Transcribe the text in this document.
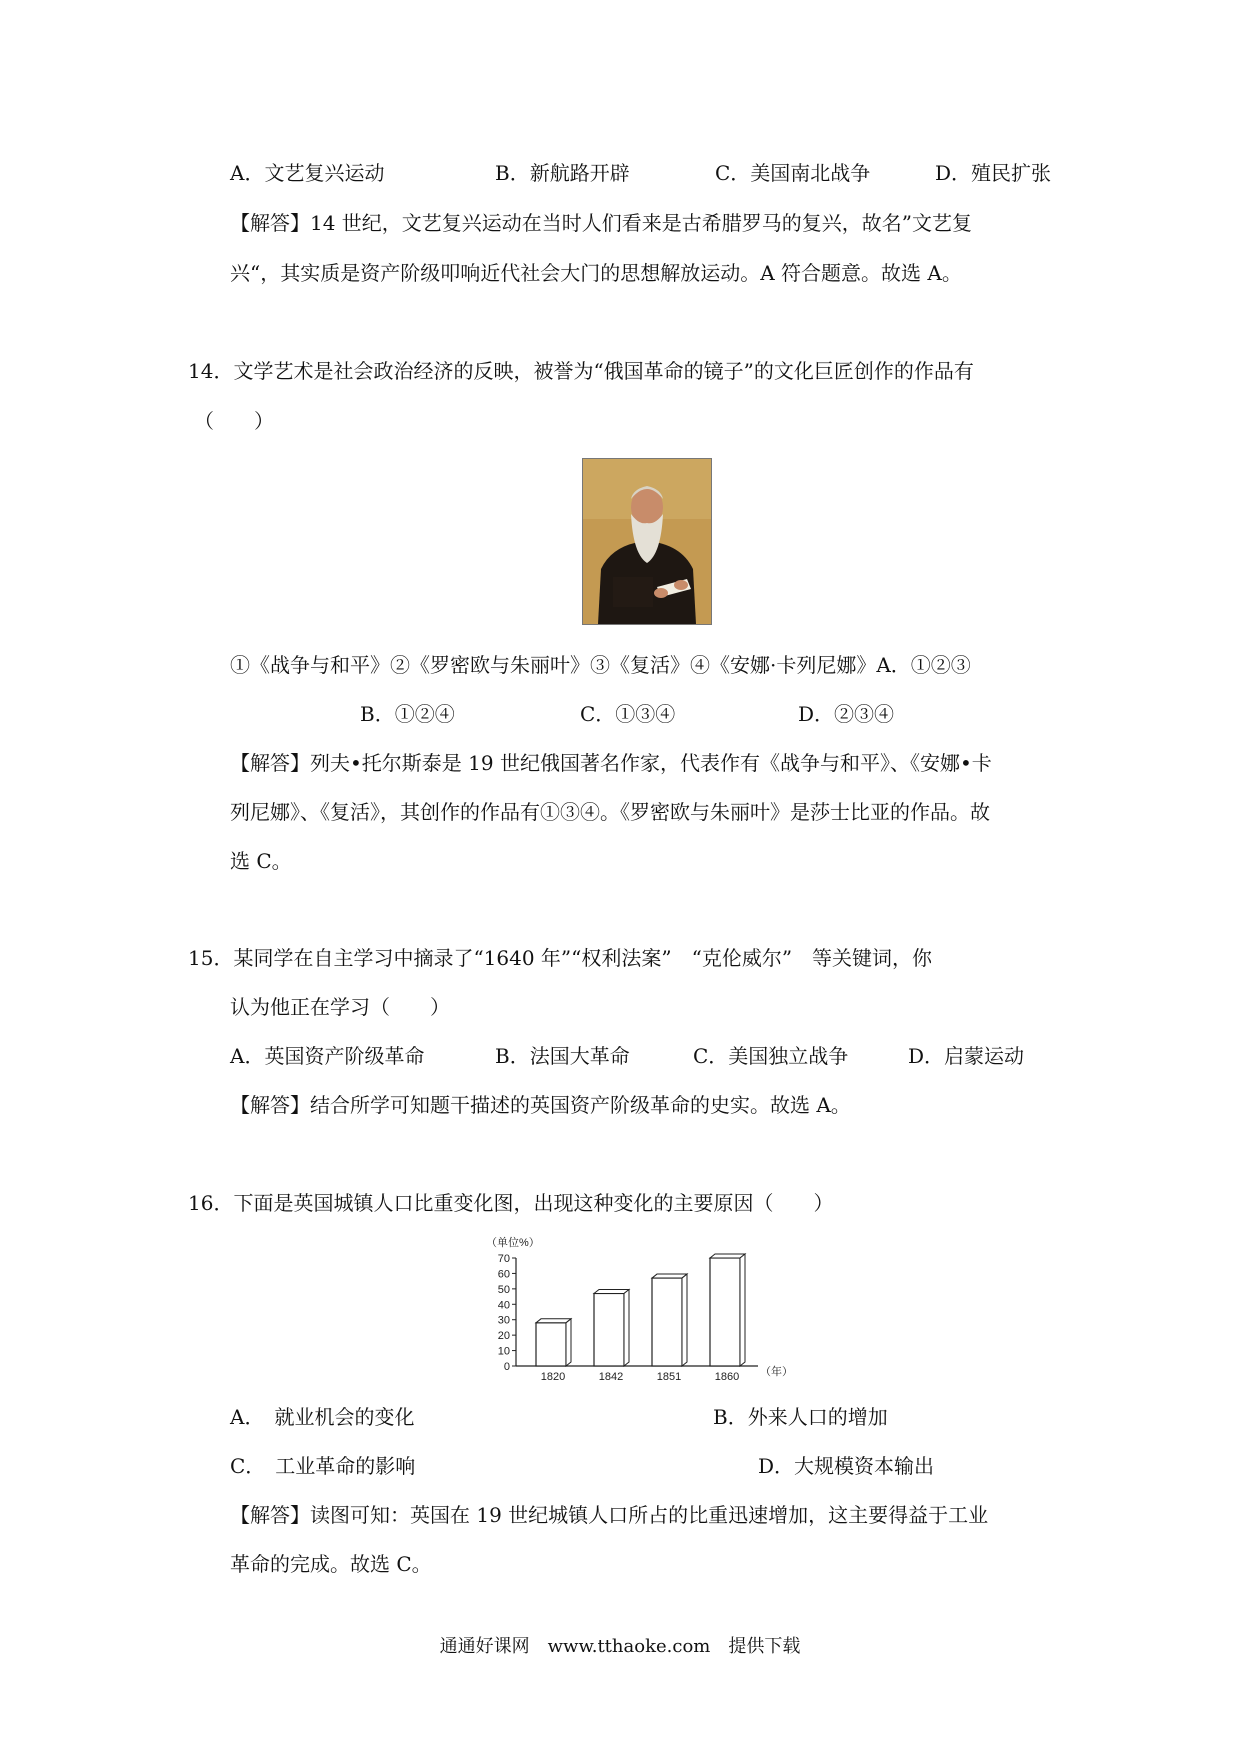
A．文艺复兴运动	B．新航路开辟	C．美国南北战争	D．殖民扩张
【解答】14 世纪，文艺复兴运动在当时人们看来是古希腊罗马的复兴，故名”文艺复
兴“，其实质是资产阶级叩响近代社会大门的思想解放运动。A 符合题意。故选 A。
14．文学艺术是社会政治经济的反映，被誉为“俄国革命的镜子”的文化巨匠创作的作品有
（　　）
①《战争与和平》②《罗密欧与朱丽叶》③《复活》④《安娜·卡列尼娜》A．①②③
B．①②④	C．①③④	D．②③④
【解答】列夫•托尔斯泰是 19 世纪俄国著名作家，代表作有《战争与和平》、《安娜•卡
列尼娜》、《复活》，其创作的作品有①③④。《罗密欧与朱丽叶》是莎士比亚的作品。故
选 C。
15．某同学在自主学习中摘录了“1640 年”“权利法案”　“克伦威尔”　等关键词，你
认为他正在学习（　　）
A．英国资产阶级革命	B．法国大革命	C．美国独立战争	D．启蒙运动
【解答】结合所学可知题干描述的英国资产阶级革命的史实。故选 A。
16．下面是英国城镇人口比重变化图，出现这种变化的主要原因（　　）
（单位%）
0
10
20
30
40
50
60
70
1820	1842	1851	1860 （年）
A．　就业机会的变化	B．外来人口的增加
C．　工业革命的影响	D．大规模资本输出
【解答】读图可知：英国在 19 世纪城镇人口所占的比重迅速增加，这主要得益于工业
革命的完成。故选 C。
通通好课网　www.tthaoke.com　提供下载
